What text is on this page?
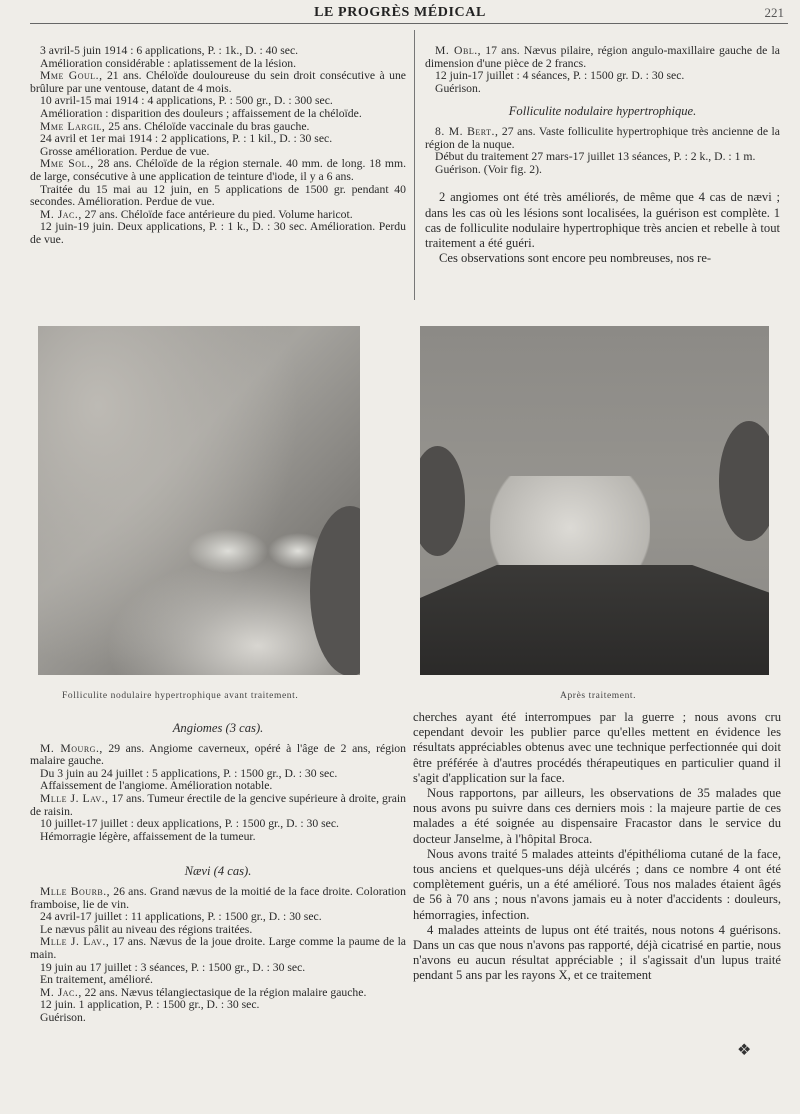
LE PROGRÈS MÉDICAL	221

3 avril-5 juin 1914 : 6 applications, P. : 1k., D. : 40 sec.

Amélioration considérable : aplatissement de la lésion.

Mme Goul., 21 ans. Chéloïde douloureuse du sein droit consécutive à une brûlure par une ventouse, datant de 4 mois.

10 avril-15 mai 1914 : 4 applications, P. : 500 gr., D. : 300 sec.

Amélioration : disparition des douleurs ; affaissement de la chéloïde.

Mme Largil, 25 ans. Chéloïde vaccinale du bras gauche.

24 avril et 1er mai 1914 : 2 applications, P. : 1 kil., D. : 30 sec.

Grosse amélioration. Perdue de vue.

Mme Sol., 28 ans. Chéloïde de la région sternale. 40 mm. de long. 18 mm. de large, consécutive à une application de teinture d'iode, il y a 6 ans.

Traitée du 15 mai au 12 juin, en 5 applications de 1500 gr. pendant 40 secondes. Amélioration. Perdue de vue.

M. Jac., 27 ans. Chéloïde face antérieure du pied. Volume haricot.

12 juin-19 juin. Deux applications, P. : 1 k., D. : 30 sec. Amélioration. Perdu de vue.

M. Obl., 17 ans. Nævus pilaire, région angulo-maxillaire gauche de la dimension d'une pièce de 2 francs.

12 juin-17 juillet : 4 séances, P. : 1500 gr. D. : 30 sec.

Guérison.

Folliculite nodulaire hypertrophique.

8. M. Bert., 27 ans. Vaste folliculite hypertrophique très ancienne de la région de la nuque.

Début du traitement 27 mars-17 juillet 13 séances, P. : 2 k., D. : 1 m.

Guérison. (Voir fig. 2).

2 angiomes ont été très améliorés, de même que 4 cas de nævi ; dans les cas où les lésions sont localisées, la guérison est complète. 1 cas de folliculite nodulaire hypertrophique très ancien et rebelle à tout traitement a été guéri.

Ces observations sont encore peu nombreuses, nos re-

Folliculite nodulaire hypertrophique avant traitement.	Après traitement.

Angiomes (3 cas).

M. Mourg., 29 ans. Angiome caverneux, opéré à l'âge de 2 ans, région malaire gauche.

Du 3 juin au 24 juillet : 5 applications, P. : 1500 gr., D. : 30 sec.

Affaissement de l'angiome. Amélioration notable.

Mlle J. Lav., 17 ans. Tumeur érectile de la gencive supérieure à droite, grain de raisin.

10 juillet-17 juillet : deux applications, P. : 1500 gr., D. : 30 sec.

Hémorragie légère, affaissement de la tumeur.

Nævi (4 cas).

Mlle Bourb., 26 ans. Grand nævus de la moitié de la face droite. Coloration framboise, lie de vin.

24 avril-17 juillet : 11 applications, P. : 1500 gr., D. : 30 sec.

Le nævus pâlit au niveau des régions traitées.

Mlle J. Lav., 17 ans. Nævus de la joue droite. Large comme la paume de la main.

19 juin au 17 juillet : 3 séances, P. : 1500 gr., D. : 30 sec.

En traitement, amélioré.

M. Jac., 22 ans. Nævus télangiectasique de la région malaire gauche.

12 juin. 1 application, P. : 1500 gr., D. : 30 sec.

Guérison.

cherches ayant été interrompues par la guerre ; nous avons cru cependant devoir les publier parce qu'elles mettent en évidence les résultats appréciables obtenus avec une technique perfectionnée qui doit être préférée à d'autres procédés thérapeutiques en particulier quand il s'agit d'application sur la face.

Nous rapportons, par ailleurs, les observations de 35 malades que nous avons pu suivre dans ces derniers mois : la majeure partie de ces malades a été soignée au dispensaire Fracastor dans le service du docteur Janselme, à l'hôpital Broca.

Nous avons traité 5 malades atteints d'épithélioma cutané de la face, tous anciens et quelques-uns déjà ulcérés ; dans ce nombre 4 ont été complètement guéris, un a été amélioré. Tous nos malades étaient âgés de 56 à 70 ans ; nous n'avons jamais eu à noter d'accidents : douleurs, hémorragies, infection.

4 malades atteints de lupus ont été traités, nous notons 4 guérisons. Dans un cas que nous n'avons pas rapporté, déjà cicatrisé en partie, nous n'avons eu aucun résultat appréciable ; il s'agissait d'un lupus traité pendant 5 ans par les rayons X, et ce traitement

❖
